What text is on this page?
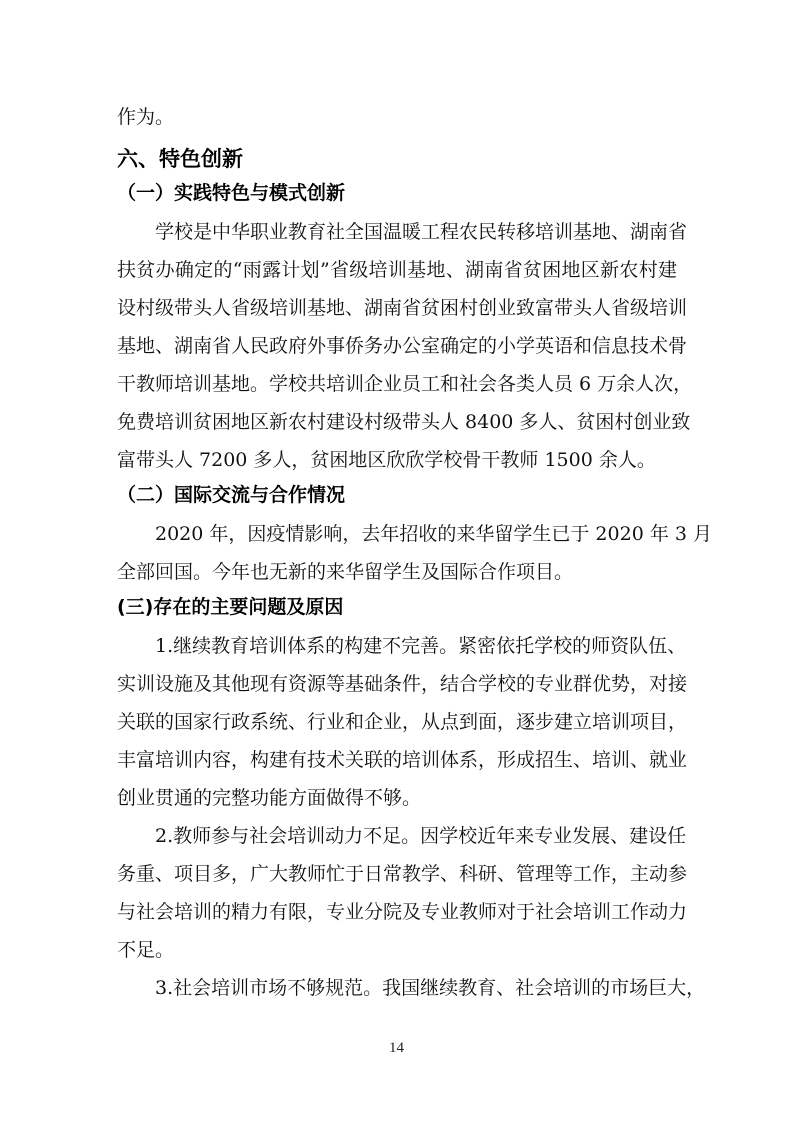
作为。
六、特色创新
（一）实践特色与模式创新
学校是中华职业教育社全国温暖工程农民转移培训基地、湖南省
扶贫办确定的“雨露计划”省级培训基地、湖南省贫困地区新农村建
设村级带头人省级培训基地、湖南省贫困村创业致富带头人省级培训
基地、湖南省人民政府外事侨务办公室确定的小学英语和信息技术骨
干教师培训基地。学校共培训企业员工和社会各类人员 6 万余人次，
免费培训贫困地区新农村建设村级带头人 8400 多人、贫困村创业致
富带头人 7200 多人，贫困地区欣欣学校骨干教师 1500 余人。
（二）国际交流与合作情况
2020 年，因疫情影响，去年招收的来华留学生已于 2020 年 3 月
全部回国。今年也无新的来华留学生及国际合作项目。
(三)存在的主要问题及原因
1.继续教育培训体系的构建不完善。紧密依托学校的师资队伍、
实训设施及其他现有资源等基础条件，结合学校的专业群优势，对接
关联的国家行政系统、行业和企业，从点到面，逐步建立培训项目，
丰富培训内容，构建有技术关联的培训体系，形成招生、培训、就业
创业贯通的完整功能方面做得不够。
2.教师参与社会培训动力不足。因学校近年来专业发展、建设任
务重、项目多，广大教师忙于日常教学、科研、管理等工作，主动参
与社会培训的精力有限，专业分院及专业教师对于社会培训工作动力
不足。
3.社会培训市场不够规范。我国继续教育、社会培训的市场巨大，
14
